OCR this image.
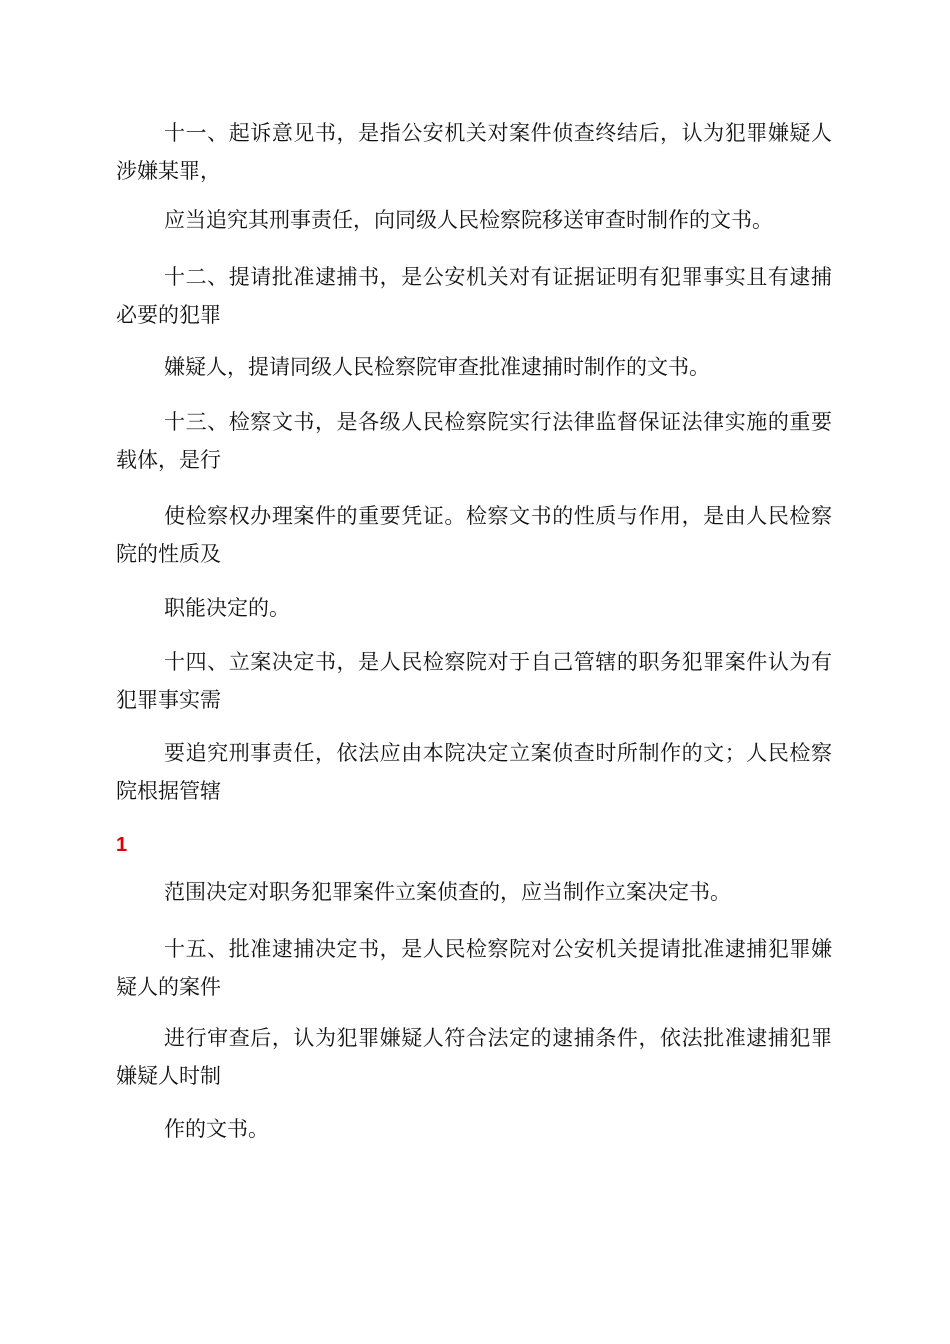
十一、起诉意见书，是指公安机关对案件侦查终结后，认为犯罪嫌疑人涉嫌某罪，

应当追究其刑事责任，向同级人民检察院移送审查时制作的文书。

十二、提请批准逮捕书，是公安机关对有证据证明有犯罪事实且有逮捕必要的犯罪

嫌疑人，提请同级人民检察院审查批准逮捕时制作的文书。

十三、检察文书，是各级人民检察院实行法律监督保证法律实施的重要载体，是行

使检察权办理案件的重要凭证。检察文书的性质与作用，是由人民检察院的性质及

职能决定的。

十四、立案决定书，是人民检察院对于自己管辖的职务犯罪案件认为有犯罪事实需

要追究刑事责任，依法应由本院决定立案侦查时所制作的文；人民检察院根据管辖

1

范围决定对职务犯罪案件立案侦查的，应当制作立案决定书。

十五、批准逮捕决定书，是人民检察院对公安机关提请批准逮捕犯罪嫌疑人的案件

进行审查后，认为犯罪嫌疑人符合法定的逮捕条件，依法批准逮捕犯罪嫌疑人时制

作的文书。
